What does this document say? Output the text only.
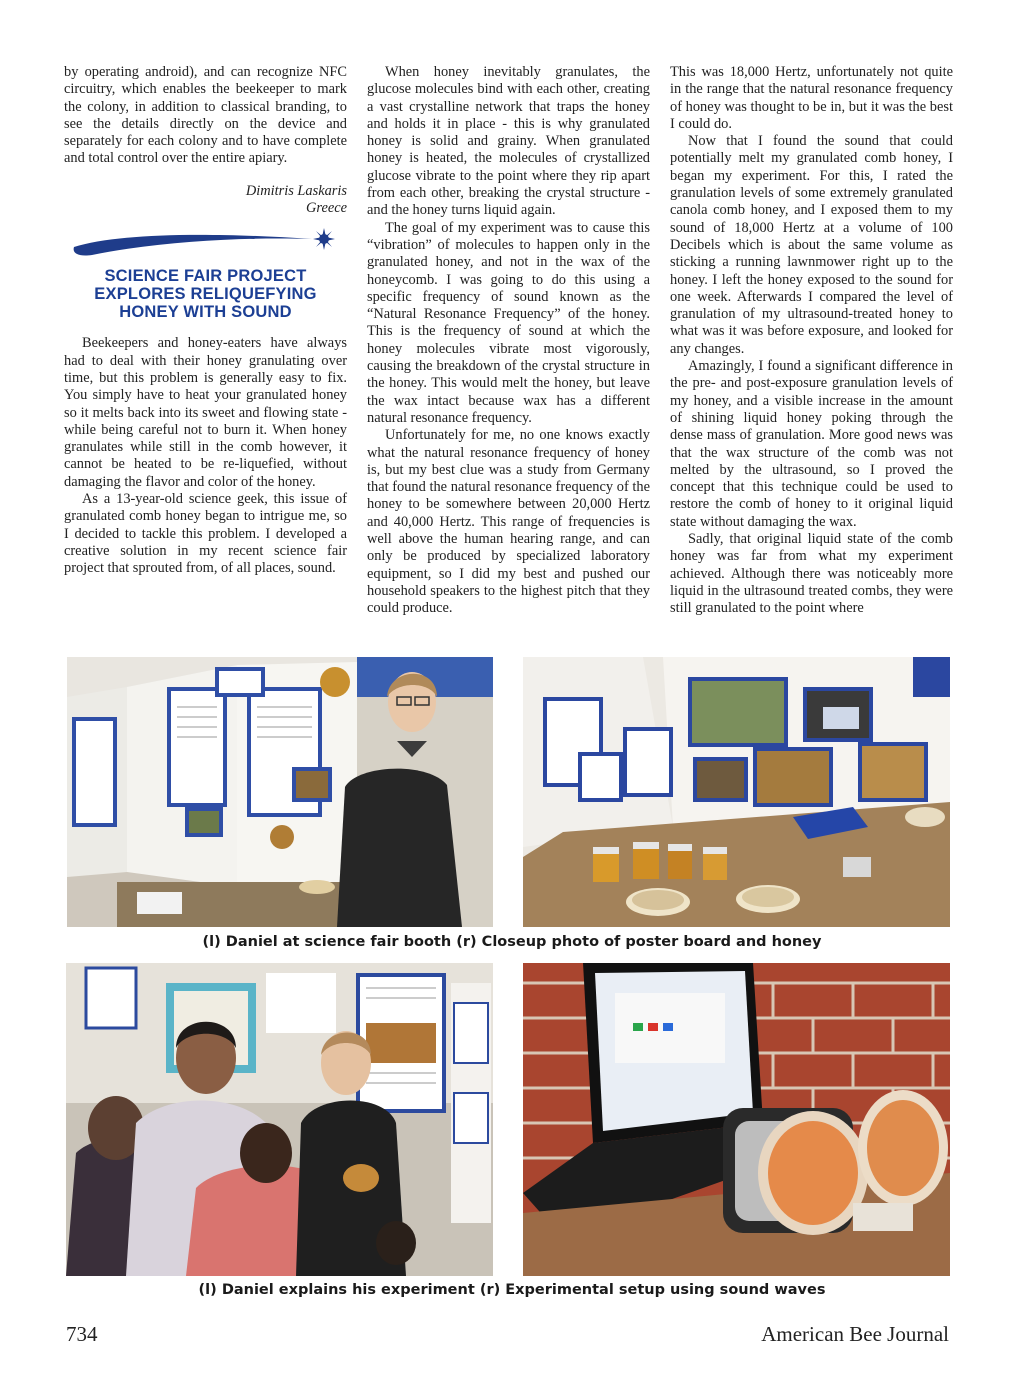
by operating android), and can recognize NFC circuitry, which enables the beekeeper to mark the colony, in addition to classical branding, to see the details directly on the device and separately for each colony and to have complete and total control over the entire apiary.

Dimitris Laskaris
Greece
SCIENCE FAIR PROJECT EXPLORES RELIQUEFYING HONEY WITH SOUND

Beekeepers and honey-eaters have always had to deal with their honey granulating over time, but this problem is generally easy to fix. You simply have to heat your granulated honey so it melts back into its sweet and flowing state - while being careful not to burn it. When honey granulates while still in the comb however, it cannot be heated to be re-liquefied, without damaging the flavor and color of the honey.

As a 13-year-old science geek, this issue of granulated comb honey began to intrigue me, so I decided to tackle this problem. I developed a creative solution in my recent science fair project that sprouted from, of all places, sound.

When honey inevitably granulates, the glucose molecules bind with each other, creating a vast crystalline network that traps the honey and holds it in place - this is why granulated honey is solid and grainy. When granulated honey is heated, the molecules of crystallized glucose vibrate to the point where they rip apart from each other, breaking the crystal structure - and the honey turns liquid again.

The goal of my experiment was to cause this “vibration” of molecules to happen only in the granulated honey, and not in the wax of the honeycomb. I was going to do this using a specific frequency of sound known as the “Natural Resonance Frequency” of the honey. This is the frequency of sound at which the honey molecules vibrate most vigorously, causing the breakdown of the crystal structure in the honey. This would melt the honey, but leave the wax intact because wax has a different natural resonance frequency.

Unfortunately for me, no one knows exactly what the natural resonance frequency of honey is, but my best clue was a study from Germany that found the natural resonance frequency of the honey to be somewhere between 20,000 Hertz and 40,000 Hertz. This range of frequencies is well above the human hearing range, and can only be produced by specialized laboratory equipment, so I did my best and pushed our household speakers to the highest pitch that they could produce.

This was 18,000 Hertz, unfortunately not quite in the range that the natural resonance frequency of honey was thought to be in, but it was the best I could do.

Now that I found the sound that could potentially melt my granulated comb honey, I began my experiment. For this, I rated the granulation levels of some extremely granulated canola comb honey, and I exposed them to my sound of 18,000 Hertz at a volume of 100 Decibels which is about the same volume as sticking a running lawnmower right up to the honey. I left the honey exposed to the sound for one week. Afterwards I compared the level of granulation of my ultrasound-treated honey to what was it was before exposure, and looked for any changes.

Amazingly, I found a significant difference in the pre- and post-exposure granulation levels of my honey, and a visible increase in the amount of shining liquid honey poking through the dense mass of granulation. More good news was that the wax structure of the comb was not melted by the ultrasound, so I proved the concept that this technique could be used to restore the comb of honey to it original liquid state without damaging the wax.

Sadly, that original liquid state of the comb honey was far from what my experiment achieved. Although there was noticeably more liquid in the ultrasound treated combs, they were still granulated to the point where

(l) Daniel at science fair booth (r) Closeup photo of poster board and honey
(l) Daniel explains his experiment (r) Experimental setup using sound waves
734	American Bee Journal
